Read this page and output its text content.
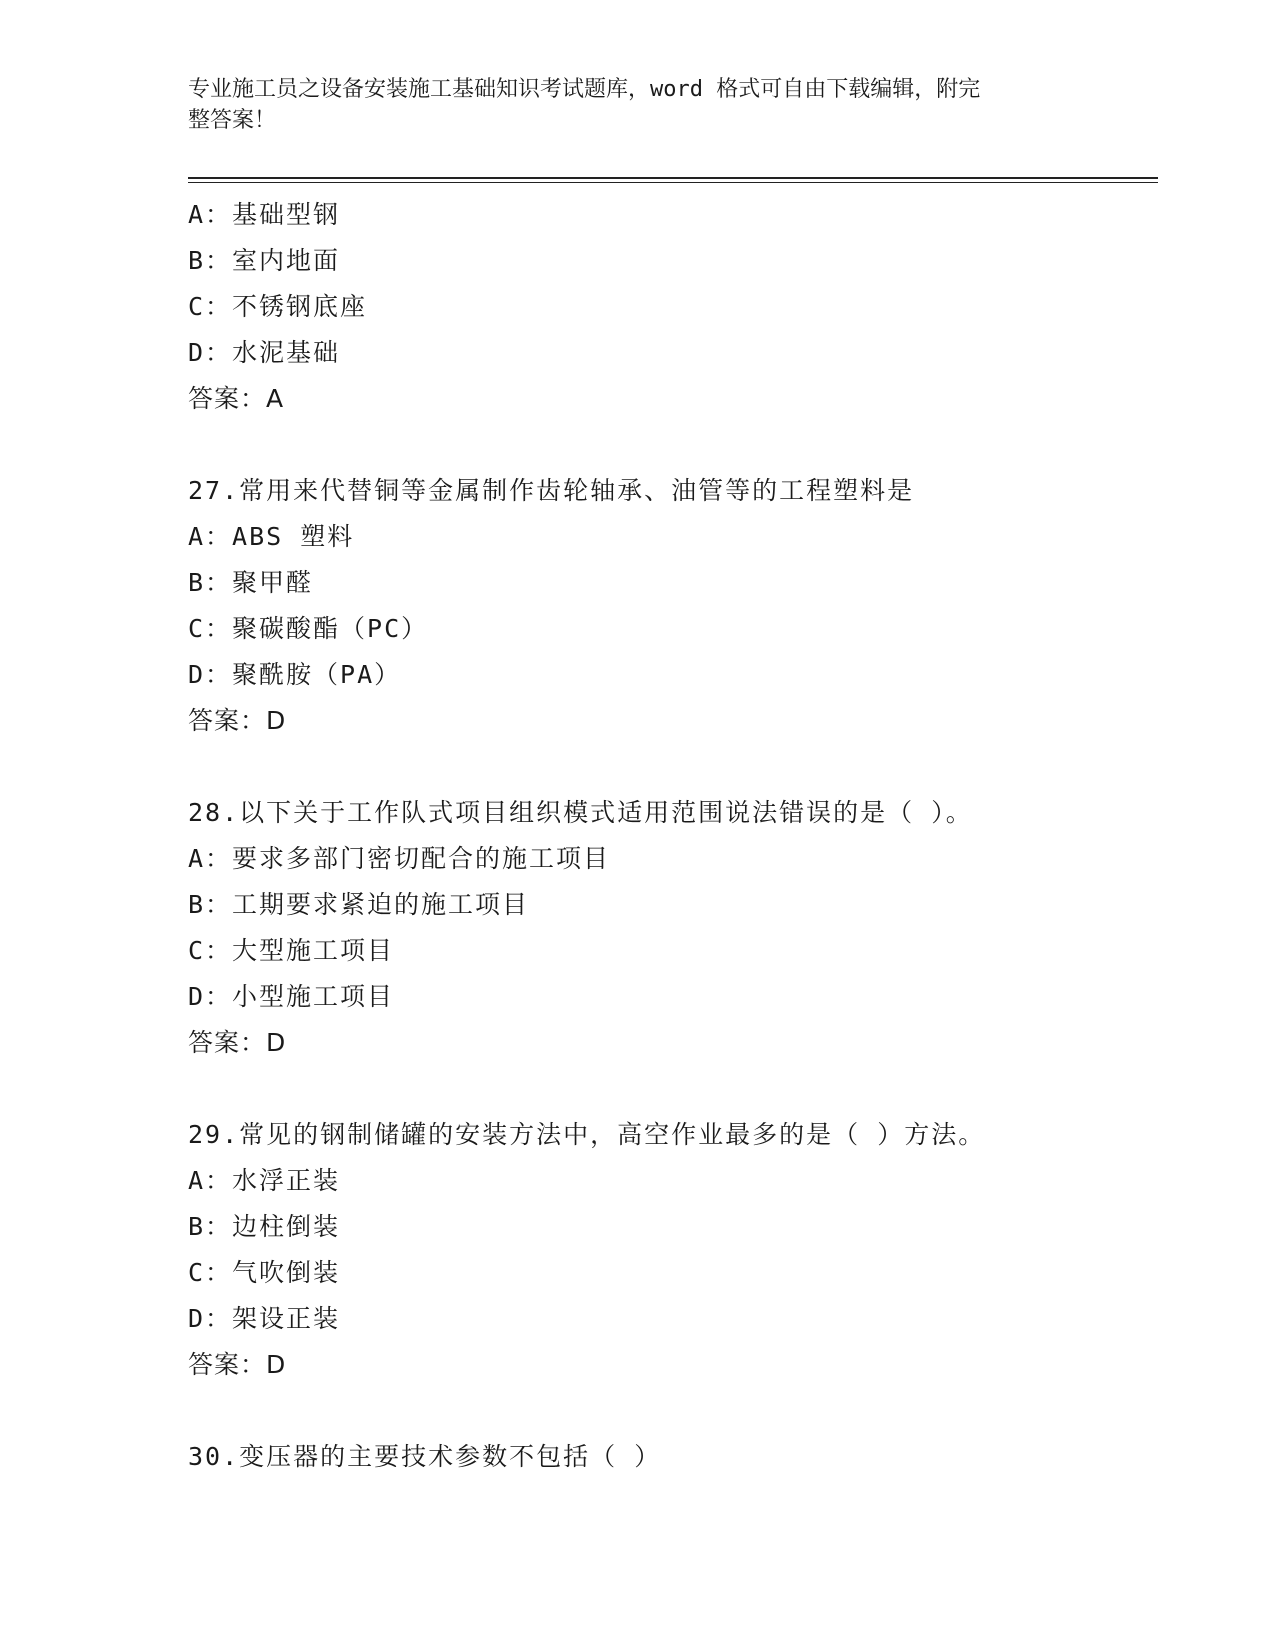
专业施工员之设备安装施工基础知识考试题库，word 格式可自由下载编辑，附完
整答案！
A：基础型钢
B：室内地面
C：不锈钢底座
D：水泥基础
答案：A
27.常用来代替铜等金属制作齿轮轴承、油管等的工程塑料是
A：ABS 塑料
B：聚甲醛
C：聚碳酸酯（PC）
D：聚酰胺（PA）
答案：D
28.以下关于工作队式项目组织模式适用范围说法错误的是（ ）。
A：要求多部门密切配合的施工项目
B：工期要求紧迫的施工项目
C：大型施工项目
D：小型施工项目
答案：D
29.常见的钢制储罐的安装方法中，高空作业最多的是（ ）方法。
A：水浮正装
B：边柱倒装
C：气吹倒装
D：架设正装
答案：D
30.变压器的主要技术参数不包括（ ）
